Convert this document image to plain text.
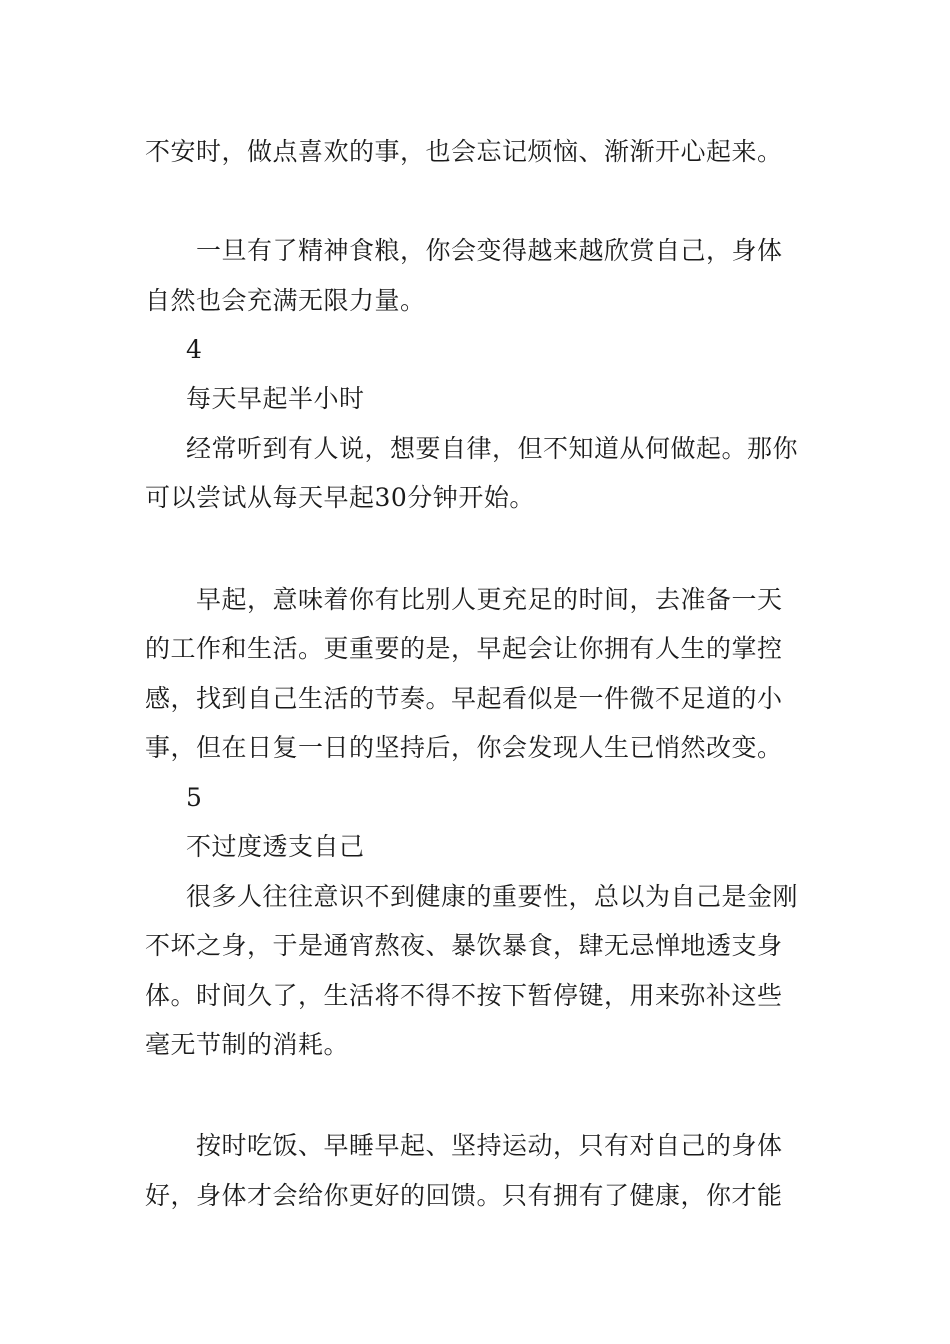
不安时，做点喜欢的事，也会忘记烦恼、渐渐开心起来。
一旦有了精神食粮，你会变得越来越欣赏自己，身体
自然也会充满无限力量。
4
每天早起半小时
经常听到有人说，想要自律，但不知道从何做起。那你
可以尝试从每天早起30分钟开始。
早起，意味着你有比别人更充足的时间，去准备一天
的工作和生活。更重要的是，早起会让你拥有人生的掌控
感，找到自己生活的节奏。早起看似是一件微不足道的小
事，但在日复一日的坚持后，你会发现人生已悄然改变。
5
不过度透支自己
很多人往往意识不到健康的重要性，总以为自己是金刚
不坏之身，于是通宵熬夜、暴饮暴食，肆无忌惮地透支身
体。时间久了，生活将不得不按下暂停键，用来弥补这些
毫无节制的消耗。
按时吃饭、早睡早起、坚持运动，只有对自己的身体
好，身体才会给你更好的回馈。只有拥有了健康，你才能
